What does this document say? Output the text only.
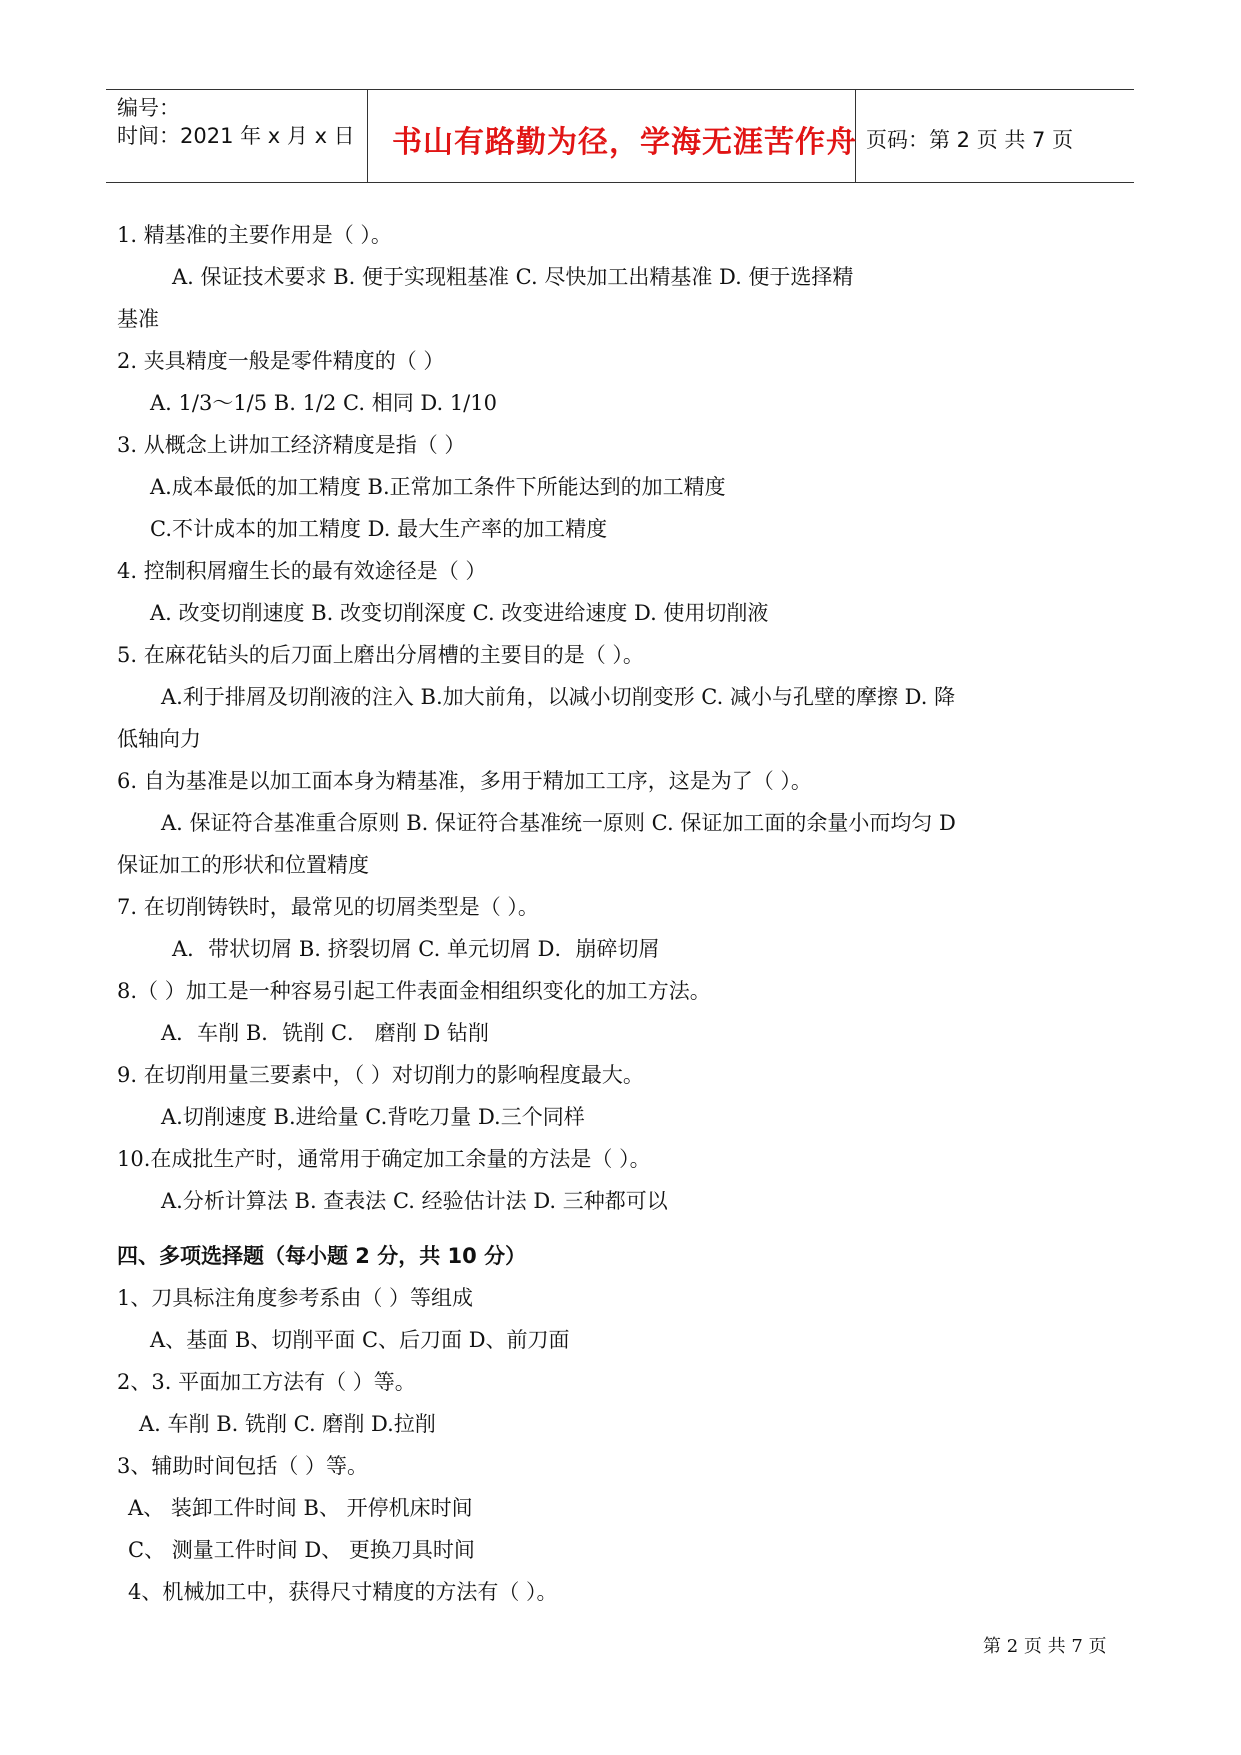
编号：
时间：2021 年 x 月 x 日 书山有路勤为径，学海无涯苦作舟 页码：第 2 页 共 7 页
1. 精基准的主要作用是（ ）。
A. 保证技术要求 B. 便于实现粗基准 C. 尽快加工出精基准 D. 便于选择精
基准
2. 夹具精度一般是零件精度的（ ）
A. 1/3～1/5 B. 1/2 C. 相同 D. 1/10
3. 从概念上讲加工经济精度是指（ ）
A.成本最低的加工精度 B.正常加工条件下所能达到的加工精度
C.不计成本的加工精度 D. 最大生产率的加工精度
4. 控制积屑瘤生长的最有效途径是（ ）
A. 改变切削速度 B. 改变切削深度 C. 改变进给速度 D. 使用切削液
5. 在麻花钻头的后刀面上磨出分屑槽的主要目的是（ ）。
A.利于排屑及切削液的注入 B.加大前角，以减小切削变形 C. 减小与孔壁的摩擦 D. 降
低轴向力
6. 自为基准是以加工面本身为精基准，多用于精加工工序，这是为了（ ）。
A. 保证符合基准重合原则 B. 保证符合基准统一原则 C. 保证加工面的余量小而均匀 D
保证加工的形状和位置精度
7. 在切削铸铁时，最常见的切屑类型是（ ）。
A．带状切屑 B. 挤裂切屑 C. 单元切屑 D．崩碎切屑
8.（ ）加工是一种容易引起工件表面金相组织变化的加工方法。
A．车削 B．铣削 C． 磨削 D 钻削
9. 在切削用量三要素中，（ ）对切削力的影响程度最大。
A.切削速度 B.进给量 C.背吃刀量 D.三个同样
10.在成批生产时，通常用于确定加工余量的方法是（ ）。
A.分析计算法 B. 查表法 C. 经验估计法 D. 三种都可以
四、多项选择题（每小题 2 分，共 10 分）
1、刀具标注角度参考系由（ ）等组成
A、基面 B、切削平面 C、后刀面 D、前刀面
2、3. 平面加工方法有（ ）等。
A. 车削 B. 铣削 C. 磨削 D.拉削
3、辅助时间包括（ ）等。
A、 装卸工件时间 B、 开停机床时间
C、 测量工件时间 D、 更换刀具时间
4、机械加工中，获得尺寸精度的方法有（ ）。
第 2 页 共 7 页
